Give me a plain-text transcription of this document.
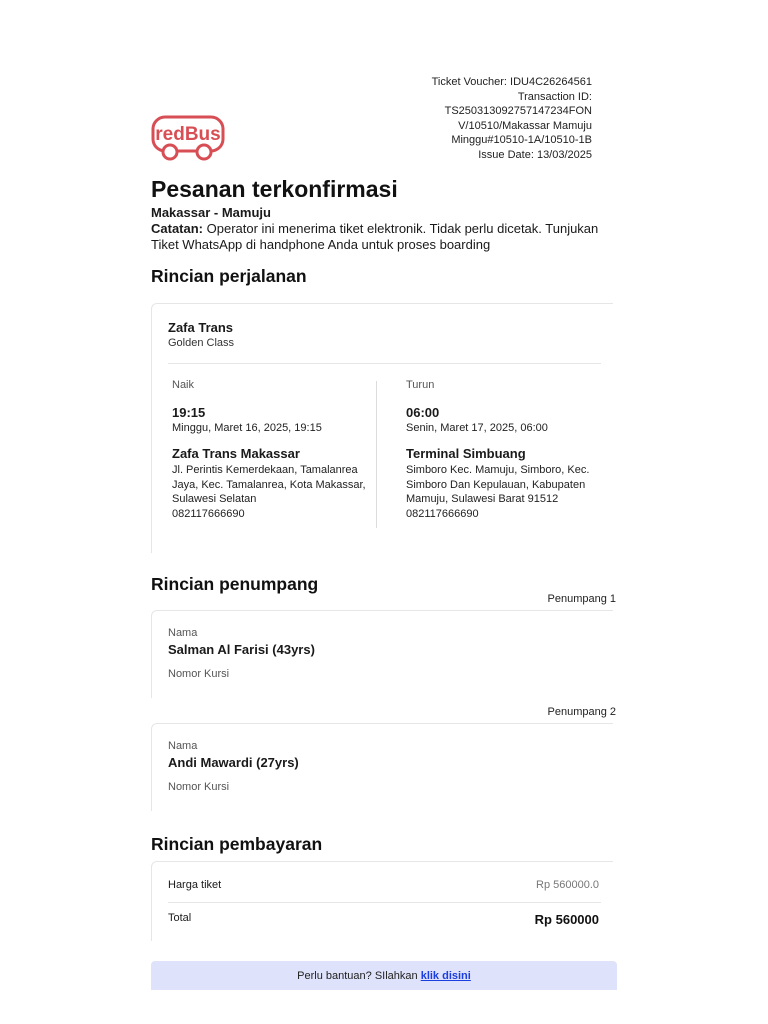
Ticket Voucher: IDU4C26264561
Transaction ID:
TS250313092757147234FON
V/10510/Makassar Mamuju
Minggu#10510-1A/10510-1B
Issue Date: 13/03/2025
redBus
Pesanan terkonfirmasi
Makassar - Mamuju
Catatan: Operator ini menerima tiket elektronik. Tidak perlu dicetak. Tunjukan Tiket WhatsApp di handphone Anda untuk proses boarding
Rincian perjalanan
Zafa Trans
Golden Class
Naik
19:15
Minggu, Maret 16, 2025, 19:15
Zafa Trans Makassar
Jl. Perintis Kemerdekaan, Tamalanrea Jaya, Kec. Tamalanrea, Kota Makassar, Sulawesi Selatan
082117666690
Turun
06:00
Senin, Maret 17, 2025, 06:00
Terminal Simbuang
Simboro Kec. Mamuju, Simboro, Kec. Simboro Dan Kepulauan, Kabupaten Mamuju, Sulawesi Barat 91512
082117666690
Rincian penumpang
Penumpang 1
Nama
Salman Al Farisi (43yrs)
Nomor Kursi
Penumpang 2
Nama
Andi Mawardi (27yrs)
Nomor Kursi
Rincian pembayaran
Harga tiket	Rp 560000.0
Total	Rp 560000
Perlu bantuan? SIlahkan klik disini
